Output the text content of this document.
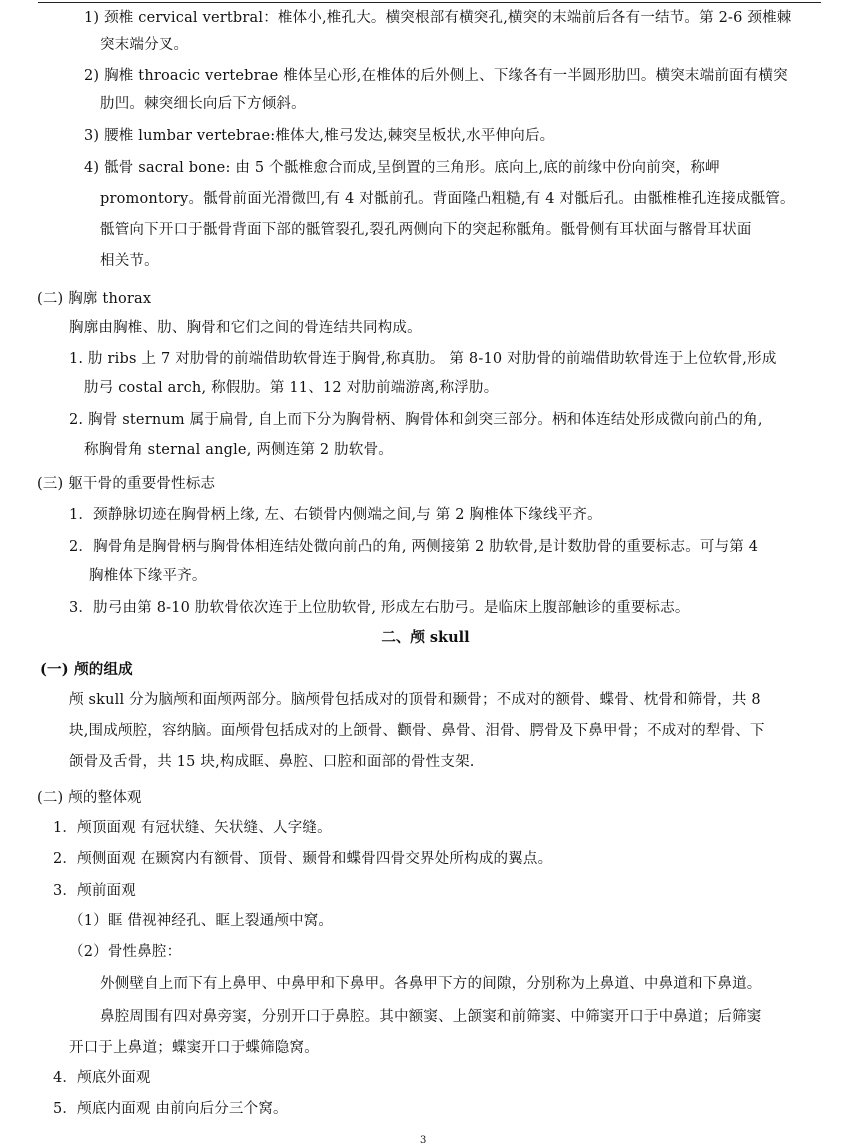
1) 颈椎 cervical vertbral：椎体小,椎孔大。横突根部有横突孔,横突的末端前后各有一结节。第 2-6 颈椎棘
突末端分叉。
2) 胸椎 throacic vertebrae 椎体呈心形,在椎体的后外侧上、下缘各有一半圆形肋凹。横突末端前面有横突
肋凹。棘突细长向后下方倾斜。
3) 腰椎 lumbar vertebrae:椎体大,椎弓发达,棘突呈板状,水平伸向后。
4) 骶骨 sacral bone: 由 5 个骶椎愈合而成,呈倒置的三角形。底向上,底的前缘中份向前突，称岬
promontory。骶骨前面光滑微凹,有 4 对骶前孔。背面隆凸粗糙,有 4 对骶后孔。由骶椎椎孔连接成骶管。
骶管向下开口于骶骨背面下部的骶管裂孔,裂孔两侧向下的突起称骶角。骶骨侧有耳状面与髂骨耳状面
相关节。
(二) 胸廓 thorax
胸廓由胸椎、肋、胸骨和它们之间的骨连结共同构成。
1. 肋 ribs 上 7 对肋骨的前端借助软骨连于胸骨,称真肋。 第 8-10 对肋骨的前端借助软骨连于上位软骨,形成
肋弓 costal arch, 称假肋。第 11、12 对肋前端游离,称浮肋。
2. 胸骨 sternum 属于扁骨, 自上而下分为胸骨柄、胸骨体和剑突三部分。柄和体连结处形成微向前凸的角,
称胸骨角 sternal angle, 两侧连第 2 肋软骨。
(三) 躯干骨的重要骨性标志
1．颈静脉切迹在胸骨柄上缘, 左、右锁骨内侧端之间,与 第 2 胸椎体下缘线平齐。
2．胸骨角是胸骨柄与胸骨体相连结处微向前凸的角, 两侧接第 2 肋软骨,是计数肋骨的重要标志。可与第 4
胸椎体下缘平齐。
3．肋弓由第 8-10 肋软骨依次连于上位肋软骨, 形成左右肋弓。是临床上腹部触诊的重要标志。
二、颅 skull
(一) 颅的组成
颅 skull 分为脑颅和面颅两部分。脑颅骨包括成对的顶骨和颞骨；不成对的额骨、蝶骨、枕骨和筛骨，共 8
块,围成颅腔，容纳脑。面颅骨包括成对的上颌骨、颧骨、鼻骨、泪骨、腭骨及下鼻甲骨；不成对的犁骨、下
颌骨及舌骨，共 15 块,构成眶、鼻腔、口腔和面部的骨性支架.
(二) 颅的整体观
1．颅顶面观 有冠状缝、矢状缝、人字缝。
2．颅侧面观 在颞窝内有额骨、顶骨、颞骨和蝶骨四骨交界处所构成的翼点。
3．颅前面观
（1）眶 借视神经孔、眶上裂通颅中窝。
（2）骨性鼻腔：
外侧壁自上而下有上鼻甲、中鼻甲和下鼻甲。各鼻甲下方的间隙，分别称为上鼻道、中鼻道和下鼻道。
鼻腔周围有四对鼻旁窦，分别开口于鼻腔。其中额窦、上颌窦和前筛窦、中筛窦开口于中鼻道；后筛窦
开口于上鼻道；蝶窦开口于蝶筛隐窝。
4．颅底外面观
5．颅底内面观 由前向后分三个窝。
3
